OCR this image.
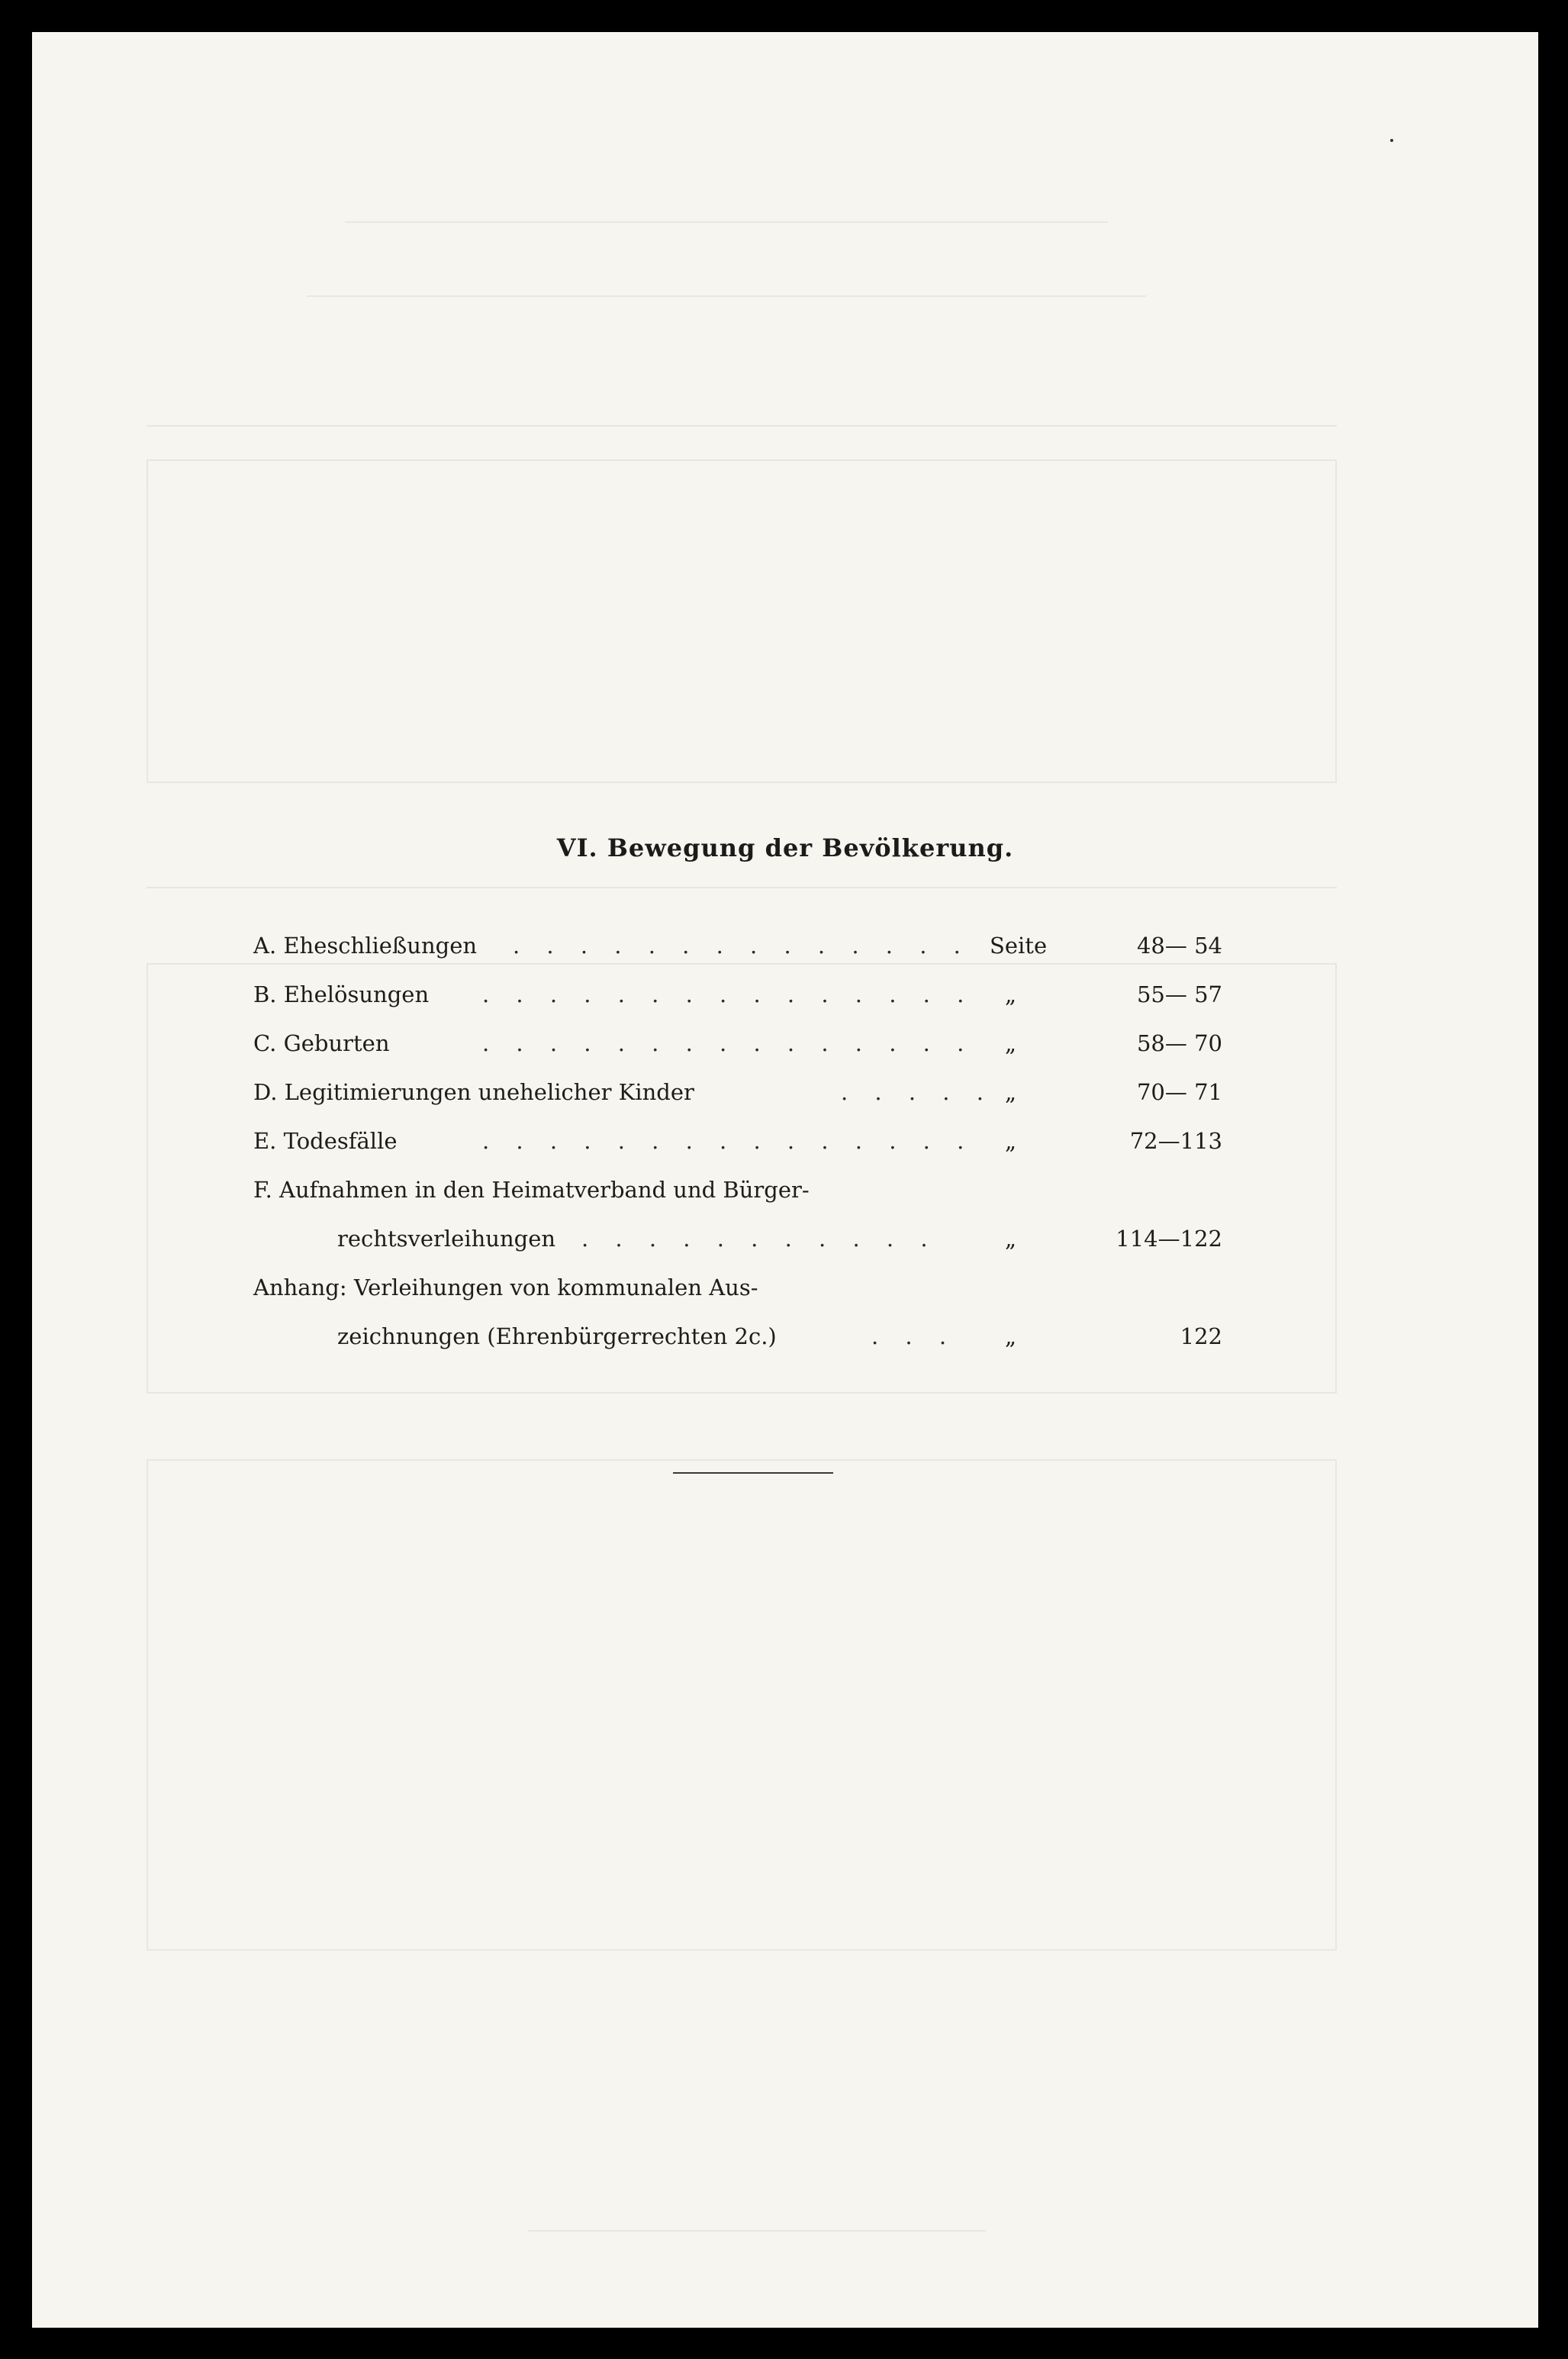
VI. Bewegung der Bevölkerung.
A. Eheschließungen . . . . . . . . . . . . . . Seite	48— 54
B. Ehelösungen . . . . . . . . . . . . . . . „	55— 57
C. Geburten	. . . . . . . . . . . . . . . „	58— 70
D. Legitimierungen unehelicher Kinder	. . . . . „	70— 71
E. Todesfälle	. . . . . . . . . . . . . . . „	72—113
F. Aufnahmen in den Heimatverband und Bürger-
rechtsverleihungen . . . . . . . . . . .	„	114—122
Anhang: Verleihungen von kommunalen Aus-
zeichnungen (Ehrenbürgerrechten 2c.)	. . . „	122
